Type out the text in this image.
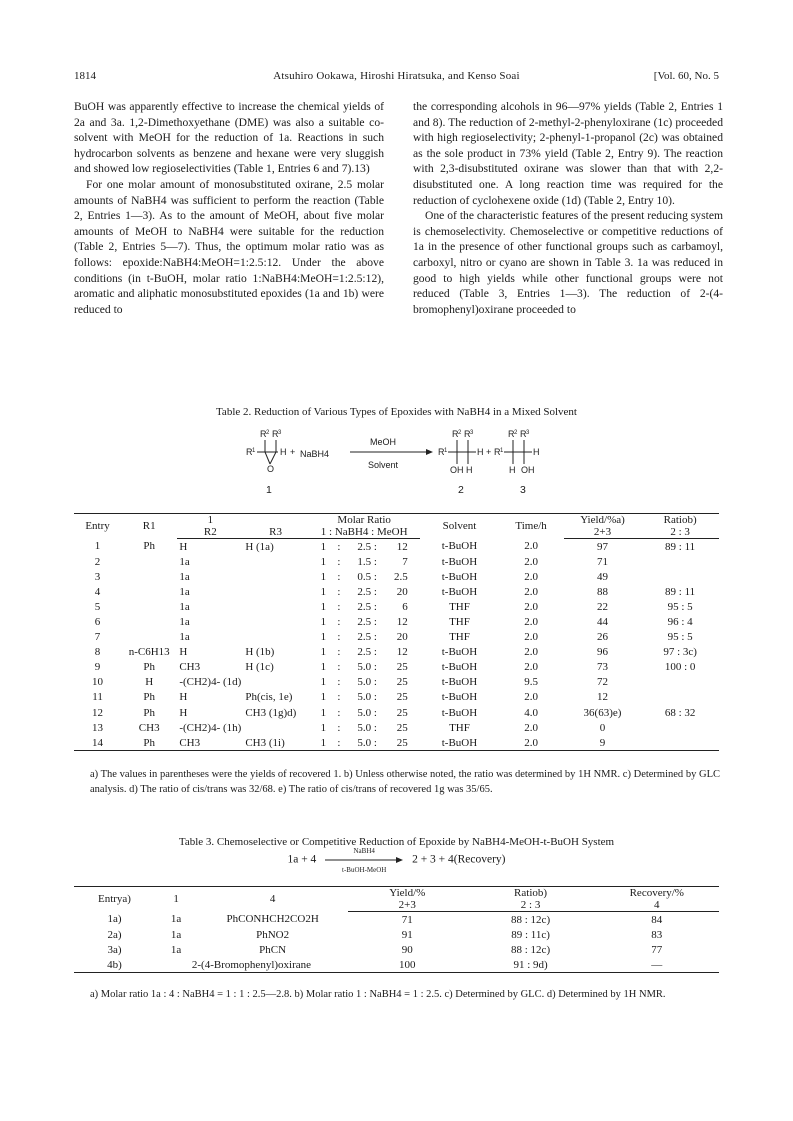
1814	Atsuhiro Ookawa, Hiroshi Hiratsuka, and Kenso Soai	[Vol. 60, No. 5

BuOH was apparently effective to increase the chemical yields of 2a and 3a. 1,2-Dimethoxyethane (DME) was also a suitable co-solvent with MeOH for the reduction of 1a. Reactions in such hydrocarbon solvents as benzene and hexane were very sluggish and showed low regioselectivities (Table 1, Entries 6 and 7).13)

For one molar amount of monosubstituted oxirane, 2.5 molar amounts of NaBH4 was sufficient to perform the reaction (Table 2, Entries 1—3). As to the amount of MeOH, about five molar amounts of MeOH to NaBH4 were suitable for the reduction (Table 2, Entries 5—7). Thus, the optimum molar ratio was as follows: epoxide:NaBH4:MeOH=1:2.5:12. Under the above conditions (in t-BuOH, molar ratio 1:NaBH4:MeOH=1:2.5:12), aromatic and aliphatic monosubstituted epoxides (1a and 1b) were reduced to

the corresponding alcohols in 96—97% yields (Table 2, Entries 1 and 8). The reduction of 2-methyl-2-phenyloxirane (1c) proceeded with high regioselectivity; 2-phenyl-1-propanol (2c) was obtained as the sole product in 73% yield (Table 2, Entry 9). The reaction with 2,3-disubstituted oxirane was slower than that with 2,2-disubstituted one. A long reaction time was required for the reduction of cyclohexene oxide (1d) (Table 2, Entry 10).

One of the characteristic features of the present reducing system is chemoselectivity. Chemoselective or competitive reductions of 1a in the presence of other functional groups such as carbamoyl, carboxyl, nitro or cyano are shown in Table 3. 1a was reduced in good to high yields while other functional groups were not reduced (Table 3, Entries 1—3). The reduction of 2-(4-bromophenyl)oxirane proceeded to

Table 2. Reduction of Various Types of Epoxides with NaBH4 in a Mixed Solvent
R 2 R 3
R 1
O
H +
R 2 R 3
R 1	H
OH H
+
R 2 R 3
R 1	H
H OH
NaBH4
MeOH
Solvent
1	2	3
Entry	R1	1		Molar Ratio	Solvent	Time/h	Yield/%a)	Ratiob)
		R2	R3	1 : NaBH4 : MeOH			2+3	2 : 3
1	Ph	H	H (1a)	1 : 2.5 : 12	t-BuOH	2.0	97	89 : 11
2		1a		1 : 1.5 : 7	t-BuOH	2.0	71	
3		1a		1 : 0.5 : 2.5	t-BuOH	2.0	49	
4		1a		1 : 2.5 : 20	t-BuOH	2.0	88	89 : 11
5		1a		1 : 2.5 : 6	THF	2.0	22	95 : 5
6		1a		1 : 2.5 : 12	THF	2.0	44	96 : 4
7		1a		1 : 2.5 : 20	THF	2.0	26	95 : 5
8	n-C6H13	H	H (1b)	1 : 2.5 : 12	t-BuOH	2.0	96	97 : 3c)
9	Ph	CH3	H (1c)	1 : 5.0 : 25	t-BuOH	2.0	73	100 : 0
10	H	-(CH2)4- (1d)		1 : 5.0 : 25	t-BuOH	9.5	72	
11	Ph	H	Ph(cis, 1e)	1 : 5.0 : 25	t-BuOH	2.0	12	
12	Ph	H	CH3 (1g)d)	1 : 5.0 : 25	t-BuOH	4.0	36(63)e)	68 : 32
13	CH3	-(CH2)4- (1h)		1 : 5.0 : 25	THF	2.0	0	
14	Ph	CH3	CH3 (1i)	1 : 5.0 : 25	t-BuOH	2.0	9	
a) The values in parentheses were the yields of recovered 1. b) Unless otherwise noted, the ratio was determined by 1H NMR. c) Determined by GLC analysis. d) The ratio of cis/trans was 32/68. e) The ratio of cis/trans of recovered 1g was 35/65.
Table 3. Chemoselective or Competitive Reduction of Epoxide by NaBH4-MeOH-t-BuOH System
1a + 4
NaBH4
t-BuOH-MeOH
2 + 3 + 4(Recovery)
Entrya)	1	4	Yield/%	Ratiob)	Recovery/%
			2+3	2 : 3	4
1a)	1a	PhCONHCH2CO2H	71	88 : 12c)	84
2a)	1a	PhNO2	91	89 : 11c)	83
3a)	1a	PhCN	90	88 : 12c)	77
4b)	2-(4-Bromophenyl)oxirane		100	91 : 9d)	—
a) Molar ratio 1a : 4 : NaBH4 = 1 : 1 : 2.5—2.8. b) Molar ratio 1 : NaBH4 = 1 : 2.5. c) Determined by GLC. d) Determined by 1H NMR.
